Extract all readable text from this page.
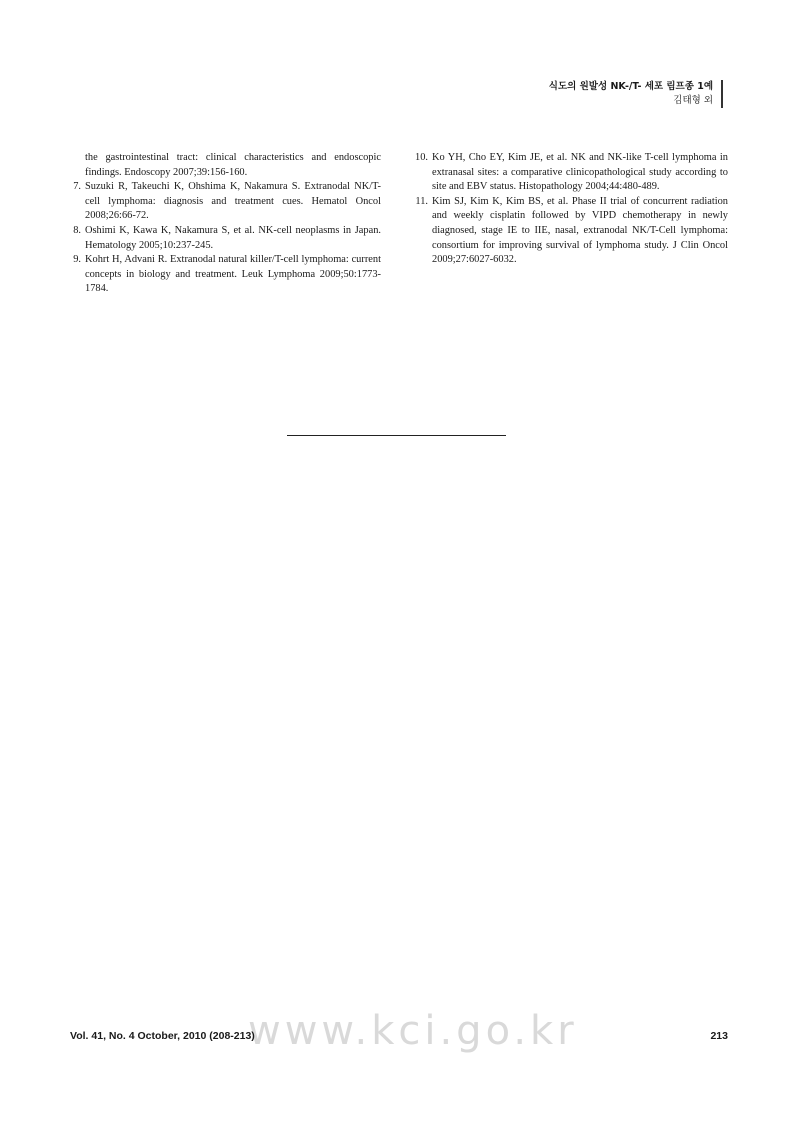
식도의 원발성 NK-/T- 세포 림프종 1예
김태형 외
the gastrointestinal tract: clinical characteristics and endoscopic findings. Endoscopy 2007;39:156-160.
7. Suzuki R, Takeuchi K, Ohshima K, Nakamura S. Extranodal NK/T-cell lymphoma: diagnosis and treatment cues. Hematol Oncol 2008;26:66-72.
8. Oshimi K, Kawa K, Nakamura S, et al. NK-cell neoplasms in Japan. Hematology 2005;10:237-245.
9. Kohrt H, Advani R. Extranodal natural killer/T-cell lymphoma: current concepts in biology and treatment. Leuk Lymphoma 2009;50:1773-1784.
10. Ko YH, Cho EY, Kim JE, et al. NK and NK-like T-cell lymphoma in extranasal sites: a comparative clinicopathological study according to site and EBV status. Histopathology 2004;44:480-489.
11. Kim SJ, Kim K, Kim BS, et al. Phase II trial of concurrent radiation and weekly cisplatin followed by VIPD chemotherapy in newly diagnosed, stage IE to IIE, nasal, extranodal NK/T-Cell lymphoma: consortium for improving survival of lymphoma study. J Clin Oncol 2009;27:6027-6032.
www.kci.go.kr
Vol. 41, No. 4 October, 2010 (208-213)	213
